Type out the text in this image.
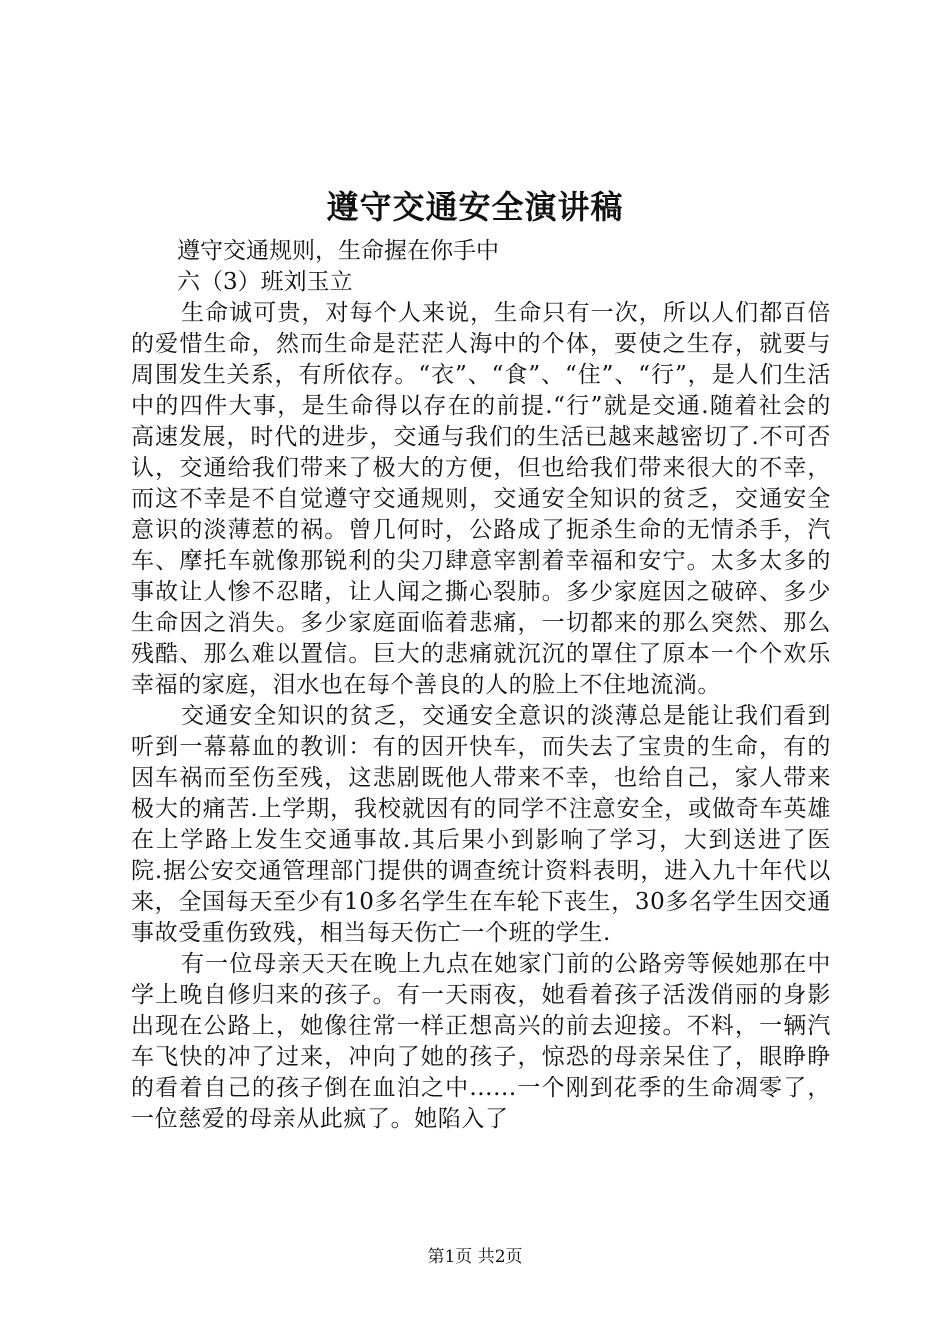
遵守交通安全演讲稿

遵守交通规则，生命握在你手中

六（3）班刘玉立

生命诚可贵，对每个人来说，生命只有一次，所以人们都百倍的爱惜生命，然而生命是茫茫人海中的个体，要使之生存，就要与周围发生关系，有所依存。“衣”、“食”、“住”、“行”，是人们生活中的四件大事，是生命得以存在的前提.“行”就是交通.随着社会的高速发展，时代的进步，交通与我们的生活已越来越密切了.不可否认，交通给我们带来了极大的方便，但也给我们带来很大的不幸，而这不幸是不自觉遵守交通规则，交通安全知识的贫乏，交通安全意识的淡薄惹的祸。曾几何时，公路成了扼杀生命的无情杀手，汽车、摩托车就像那锐利的尖刀肆意宰割着幸福和安宁。太多太多的事故让人惨不忍睹，让人闻之撕心裂肺。多少家庭因之破碎、多少生命因之消失。多少家庭面临着悲痛，一切都来的那么突然、那么残酷、那么难以置信。巨大的悲痛就沉沉的罩住了原本一个个欢乐幸福的家庭，泪水也在每个善良的人的脸上不住地流淌。

交通安全知识的贫乏，交通安全意识的淡薄总是能让我们看到听到一幕幕血的教训：有的因开快车，而失去了宝贵的生命，有的因车祸而至伤至残，这悲剧既他人带来不幸，也给自己，家人带来极大的痛苦.上学期，我校就因有的同学不注意安全，或做奇车英雄在上学路上发生交通事故.其后果小到影响了学习，大到送进了医院.据公安交通管理部门提供的调查统计资料表明，进入九十年代以来，全国每天至少有10多名学生在车轮下丧生，30多名学生因交通事故受重伤致残，相当每天伤亡一个班的学生.

有一位母亲天天在晚上九点在她家门前的公路旁等候她那在中学上晚自修归来的孩子。有一天雨夜，她看着孩子活泼俏丽的身影出现在公路上，她像往常一样正想高兴的前去迎接。不料，一辆汽车飞快的冲了过来，冲向了她的孩子，惊恐的母亲呆住了，眼睁睁的看着自己的孩子倒在血泊之中......一个刚到花季的生命凋零了，一位慈爱的母亲从此疯了。她陷入了

第1页 共2页
